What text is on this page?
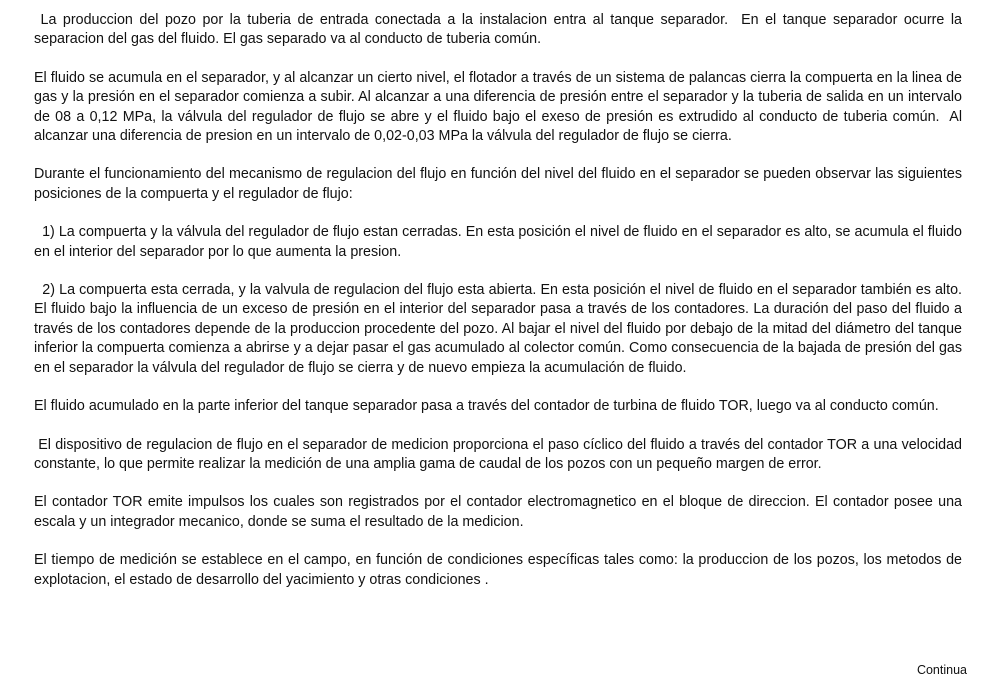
La produccion del pozo por la tuberia de entrada conectada a la instalacion entra al tanque separador.  En el tanque separador ocurre la separacion del gas del fluido. El gas separado va al conducto de tuberia común.

El fluido se acumula en el separador, y al alcanzar un cierto nivel, el flotador a través de un sistema de palancas cierra la compuerta en la linea de gas y la presión en el separador comienza a subir. Al alcanzar a una diferencia de presión entre el separador y la tuberia de salida en un intervalo de 08 a 0,12 MPa, la válvula del regulador de flujo se abre y el fluido bajo el exeso de presión es extrudido al conducto de tuberia común.  Al alcanzar una diferencia de presion en un intervalo de 0,02-0,03 MPa la válvula del regulador de flujo se cierra.

Durante el funcionamiento del mecanismo de regulacion del flujo en función del nivel del fluido en el separador se pueden observar las siguientes posiciones de la compuerta y el regulador de flujo:

1) La compuerta y la válvula del regulador de flujo estan cerradas. En esta posición el nivel de fluido en el separador es alto, se acumula el fluido en el interior del separador por lo que aumenta la presion.

2) La compuerta esta cerrada, y la valvula de regulacion del flujo esta abierta. En esta posición el nivel de fluido en el separador también es alto. El fluido bajo la influencia de un exceso de presión en el interior del separador pasa a través de los contadores. La duración del paso del fluido a través de los contadores depende de la produccion procedente del pozo. Al bajar el nivel del fluido por debajo de la mitad del diámetro del tanque inferior la compuerta comienza a abrirse y a dejar pasar el gas acumulado al colector común. Como consecuencia de la bajada de presión del gas en el separador la válvula del regulador de flujo se cierra y de nuevo empieza la acumulación de fluido.

El fluido acumulado en la parte inferior del tanque separador pasa a través del contador de turbina de fluido TOR, luego va al conducto común.

El dispositivo de regulacion de flujo en el separador de medicion proporciona el paso cíclico del fluido a través del contador TOR a una velocidad constante, lo que permite realizar la medición de una amplia gama de caudal de los pozos con un pequeño margen de error.

El contador TOR emite impulsos los cuales son registrados por el contador electromagnetico en el bloque de direccion. El contador posee una escala y un integrador mecanico, donde se suma el resultado de la medicion.

El tiempo de medición se establece en el campo, en función de condiciones específicas tales como: la produccion de los pozos, los metodos de explotacion, el estado de desarrollo del yacimiento y otras condiciones .

Continua
